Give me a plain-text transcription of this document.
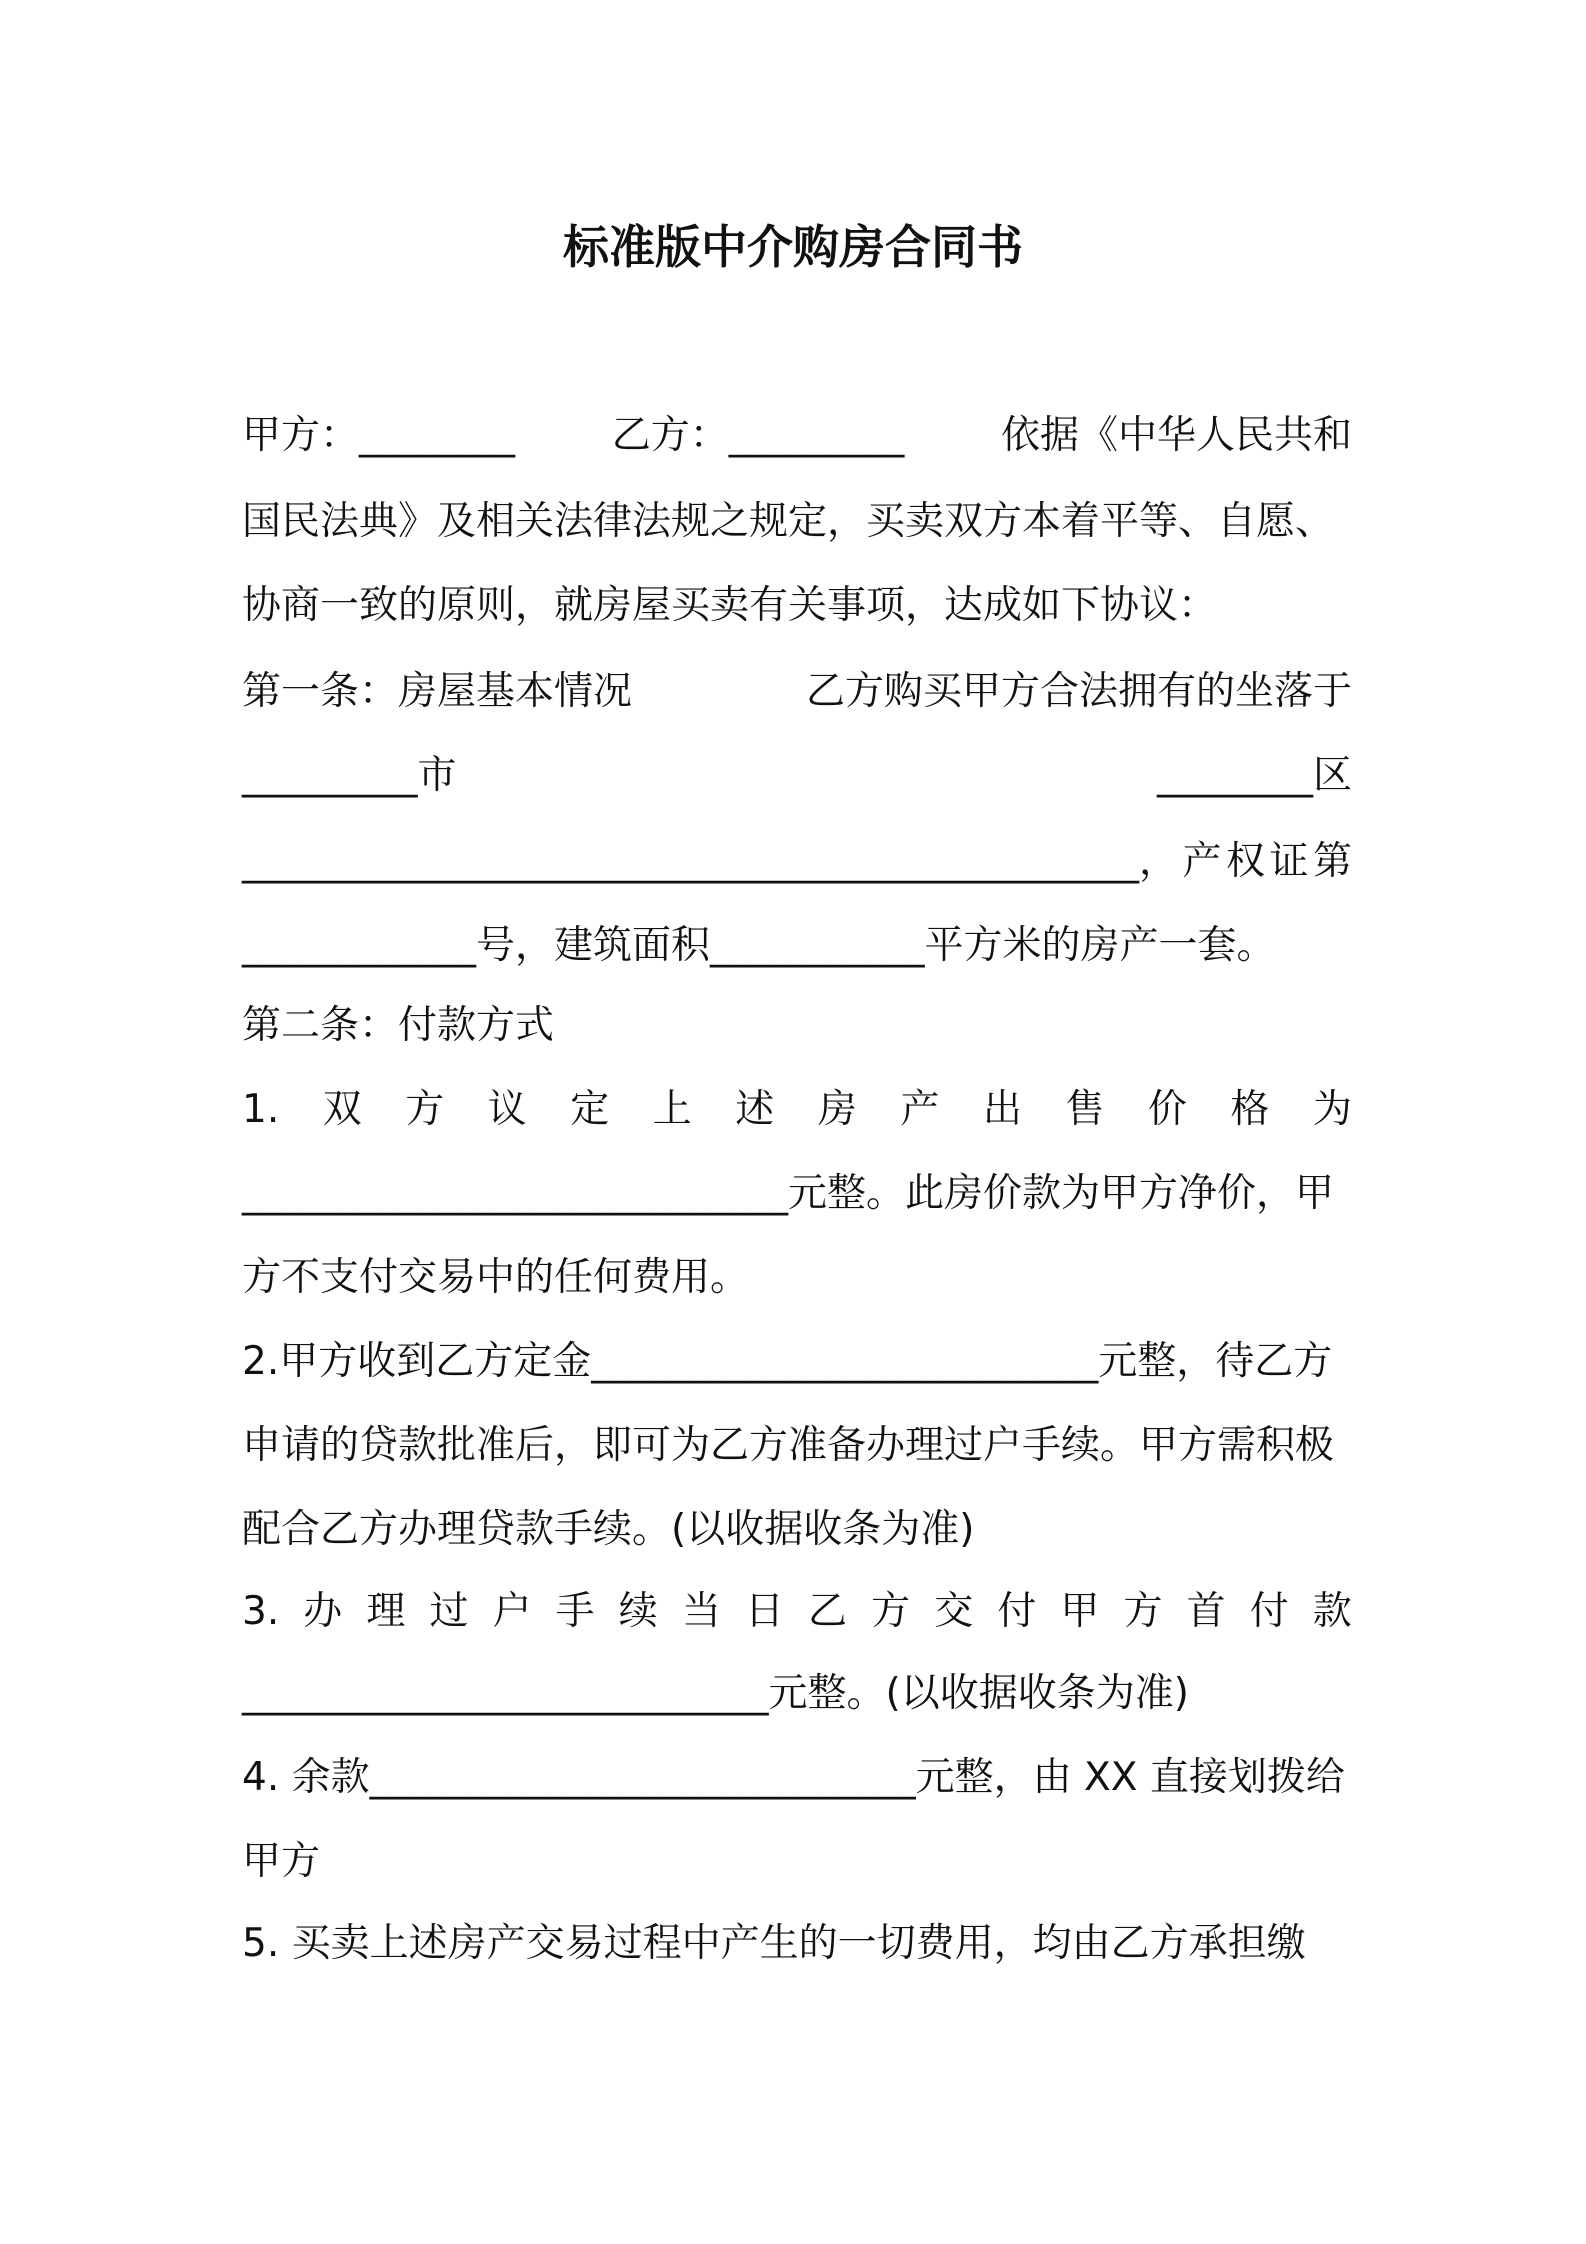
标准版中介购房合同书
甲方：________ 乙方：_________ 依据《中华人民共和
国民法典》及相关法律法规之规定，买卖双方本着平等、自愿、
协商一致的原则，就房屋买卖有关事项，达成如下协议：
第一条：房屋基本情况	乙方购买甲方合法拥有的坐落于
_________市	________区
______________________________________________， 产 权 证 第
____________号，建筑面积___________平方米的房产一套。
第二条：付款方式
1. 双 方 议 定 上 述 房 产 出 售 价 格 为
____________________________元整。此房价款为甲方净价，甲
方不支付交易中的任何费用。
2.甲方收到乙方定金__________________________元整，待乙方
申请的贷款批准后，即可为乙方准备办理过户手续。甲方需积极
配合乙方办理贷款手续。(以收据收条为准)
3. 办 理 过 户 手 续 当 日 乙 方 交 付 甲 方 首 付 款
___________________________元整。(以收据收条为准)
4. 余款____________________________元整，由 XX 直接划拨给
甲方
5. 买卖上述房产交易过程中产生的一切费用，均由乙方承担缴
